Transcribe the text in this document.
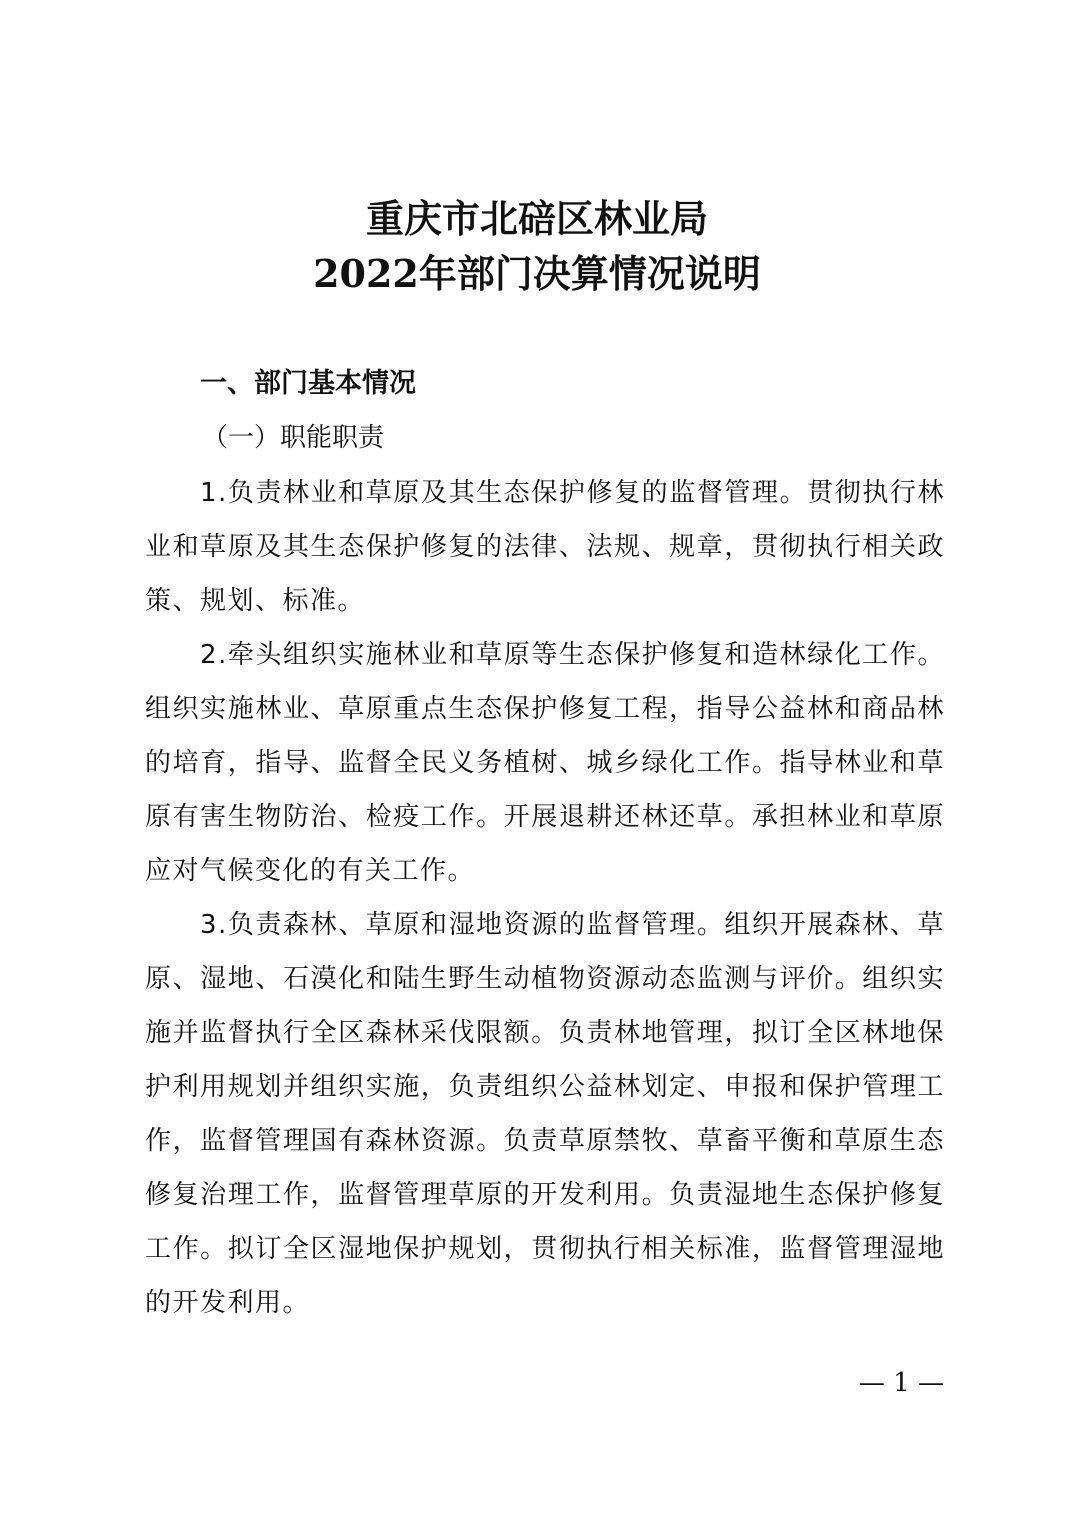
重庆市北碚区林业局
2022年部门决算情况说明
一、部门基本情况
（一）职能职责

1.负责林业和草原及其生态保护修复的监督管理。贯彻执行林业和草原及其生态保护修复的法律、法规、规章，贯彻执行相关政策、规划、标准。

2.牵头组织实施林业和草原等生态保护修复和造林绿化工作。组织实施林业、草原重点生态保护修复工程，指导公益林和商品林的培育，指导、监督全民义务植树、城乡绿化工作。指导林业和草原有害生物防治、检疫工作。开展退耕还林还草。承担林业和草原应对气候变化的有关工作。

3.负责森林、草原和湿地资源的监督管理。组织开展森林、草原、湿地、石漠化和陆生野生动植物资源动态监测与评价。组织实施并监督执行全区森林采伐限额。负责林地管理，拟订全区林地保护利用规划并组织实施，负责组织公益林划定、申报和保护管理工作，监督管理国有森林资源。负责草原禁牧、草畜平衡和草原生态修复治理工作，监督管理草原的开发利用。负责湿地生态保护修复工作。拟订全区湿地保护规划，贯彻执行相关标准，监督管理湿地的开发利用。

— 1 —
